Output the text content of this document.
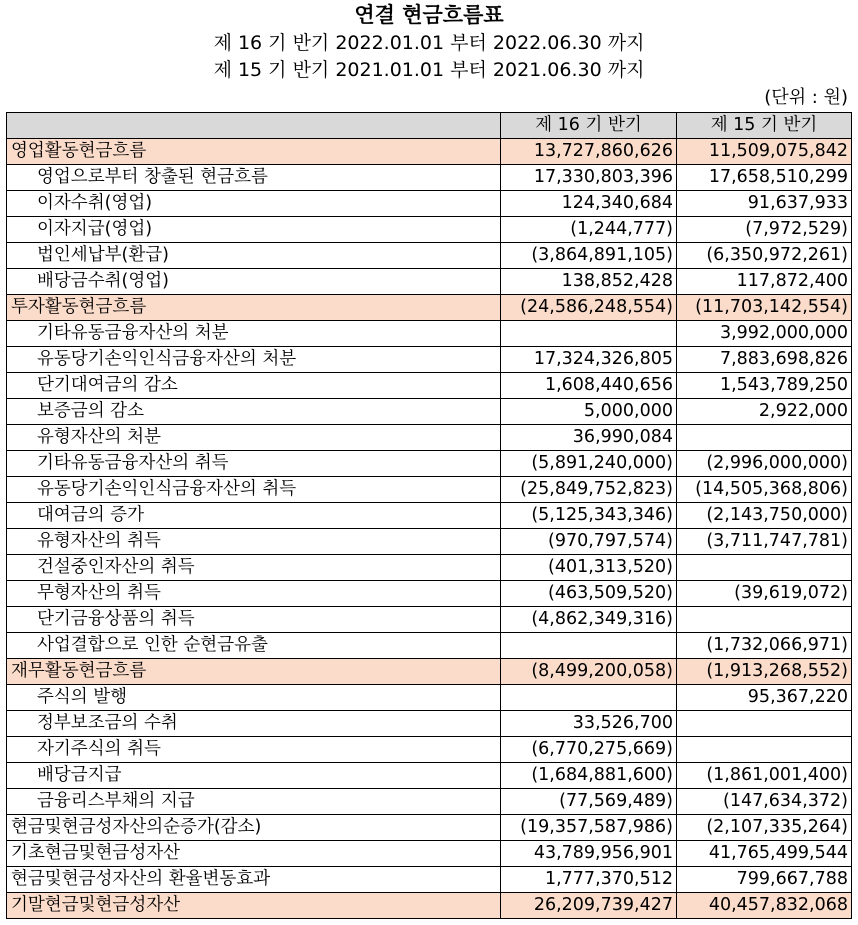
연결 현금흐름표
제 16 기 반기 2022.01.01 부터 2022.06.30 까지
제 15 기 반기 2021.01.01 부터 2021.06.30 까지
(단위 : 원)
	제 16 기 반기	제 15 기 반기
영업활동현금흐름	13,727,860,626	11,509,075,842
영업으로부터 창출된 현금흐름	17,330,803,396	17,658,510,299
이자수취(영업)	124,340,684	91,637,933
이자지급(영업)	(1,244,777)	(7,972,529)
법인세납부(환급)	(3,864,891,105)	(6,350,972,261)
배당금수취(영업)	138,852,428	117,872,400
투자활동현금흐름	(24,586,248,554)	(11,703,142,554)
기타유동금융자산의 처분		3,992,000,000
유동당기손익인식금융자산의 처분	17,324,326,805	7,883,698,826
단기대여금의 감소	1,608,440,656	1,543,789,250
보증금의 감소	5,000,000	2,922,000
유형자산의 처분	36,990,084	
기타유동금융자산의 취득	(5,891,240,000)	(2,996,000,000)
유동당기손익인식금융자산의 취득	(25,849,752,823)	(14,505,368,806)
대여금의 증가	(5,125,343,346)	(2,143,750,000)
유형자산의 취득	(970,797,574)	(3,711,747,781)
건설중인자산의 취득	(401,313,520)	
무형자산의 취득	(463,509,520)	(39,619,072)
단기금융상품의 취득	(4,862,349,316)	
사업결합으로 인한 순현금유출		(1,732,066,971)
재무활동현금흐름	(8,499,200,058)	(1,913,268,552)
주식의 발행		95,367,220
정부보조금의 수취	33,526,700	
자기주식의 취득	(6,770,275,669)	
배당금지급	(1,684,881,600)	(1,861,001,400)
금융리스부채의 지급	(77,569,489)	(147,634,372)
현금및현금성자산의순증가(감소)	(19,357,587,986)	(2,107,335,264)
기초현금및현금성자산	43,789,956,901	41,765,499,544
현금및현금성자산의 환율변동효과	1,777,370,512	799,667,788
기말현금및현금성자산	26,209,739,427	40,457,832,068
